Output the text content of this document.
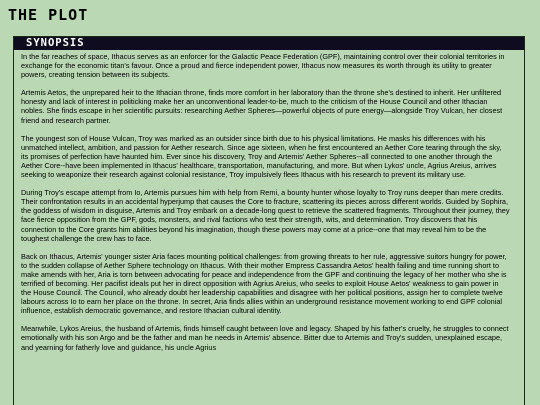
THE PLOT
SYNOPSIS

In the far reaches of space, Ithacus serves as an enforcer for the Galactic Peace Federation (GPF), maintaining control over their colonial territories in exchange for the economic titan's favour. Once a proud and fierce independent power, Ithacus now measures its worth through its utility to greater powers, creating tension between its subjects.

Artemis Aetos, the unprepared heir to the Ithacian throne, finds more comfort in her laboratory than the throne she's destined to inherit. Her unfiltered honesty and lack of interest in politicking make her an unconventional leader-to-be, much to the criticism of the House Council and other Ithacian nobles. She finds escape in her scientific pursuits: researching Aether Spheres—powerful objects of pure energy—alongside Troy Vulcan, her closest friend and research partner.

The youngest son of House Vulcan, Troy was marked as an outsider since birth due to his physical limitations. He masks his differences with his unmatched intellect, ambition, and passion for Aether research. Since age sixteen, when he first encountered an Aether Core tearing through the sky, its promises of perfection have haunted him. Ever since his discovery, Troy and Artemis' Aether Spheres--all connected to one another through the Aether Core--have been implemented in Ithacus' healthcare, transportation, manufacturing, and more. But when Lykos' uncle, Agrius Areius, arrives seeking to weaponize their research against colonial resistance, Troy impulsively flees Ithacus with his research to prevent its military use.

During Troy's escape attempt from Io, Artemis pursues him with help from Remi, a bounty hunter whose loyalty to Troy runs deeper than mere credits. Their confrontation results in an accidental hyperjump that causes the Core to fracture, scattering its pieces across different worlds. Guided by Sophira, the goddess of wisdom in disguise, Artemis and Troy embark on a decade-long quest to retrieve the scattered fragments. Throughout their journey, they face fierce opposition from the GPF, gods, monsters, and rival factions who test their strength, wits, and determination. Troy discovers that his connection to the Core grants him abilities beyond his imagination, though these powers may come at a price--one that may reveal him to be the toughest challenge the crew has to face.

Back on Ithacus, Artemis' younger sister Aria faces mounting political challenges: from growing threats to her rule, aggressive suitors hungry for power, to the sudden collapse of Aether Sphere technology on Ithacus. With their mother Empress Cassandra Aetos' health failing and time running short to make amends with her, Aria is torn between advocating for peace and independence from the GPF and continuing the legacy of her mother who she is terrified of becoming. Her pacifist ideals put her in direct opposition with Agrius Areius, who seeks to exploit House Aetos' weakness to gain power in the House Council. The Council, who already doubt her leadership capabilities and disagree with her political positions, assign her to complete twelve labours across Io to earn her place on the throne. In secret, Aria finds allies within an underground resistance movement working to end GPF colonial influence, establish democratic governance, and restore Ithacian cultural identity.

Meanwhile, Lykos Areius, the husband of Artemis, finds himself caught between love and legacy. Shaped by his father's cruelty, he struggles to connect emotionally with his son Argo and be the father and man he needs in Artemis' absence. Bitter due to Artemis and Troy's sudden, unexplained escape, and yearning for fatherly love and guidance, his uncle Agrius
